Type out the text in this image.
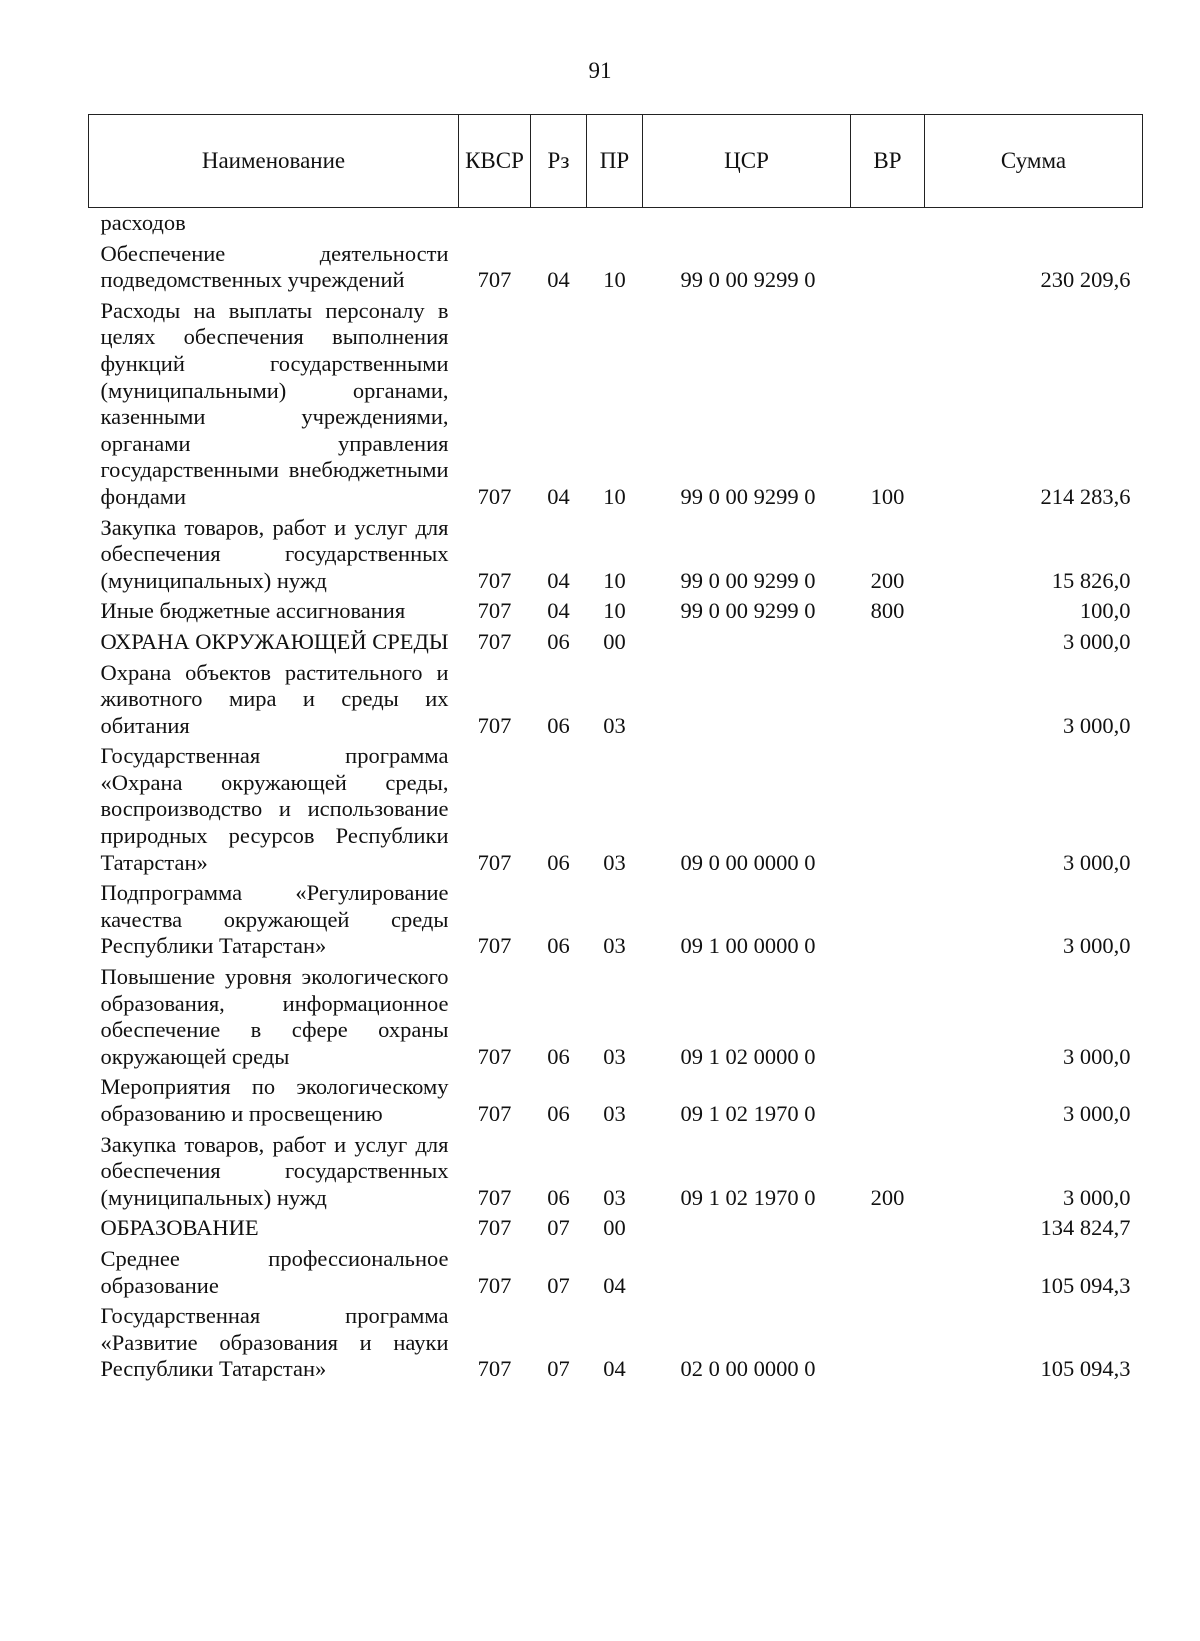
91
Наименование	КВСР	Рз	ПР	ЦСР	ВР	Сумма
расходов						
Обеспечение деятельности подведомственных учреждений	707	04	10	99 0 00 9299 0		230 209,6
Расходы на выплаты персоналу в целях обеспечения выполнения функций государственными (муниципальными) органами, казенными учреждениями, органами управления государственными внебюджетными фондами	707	04	10	99 0 00 9299 0	100	214 283,6
Закупка товаров, работ и услуг для обеспечения государственных (муниципальных) нужд	707	04	10	99 0 00 9299 0	200	15 826,0
Иные бюджетные ассигнования	707	04	10	99 0 00 9299 0	800	100,0
ОХРАНА ОКРУЖАЮЩЕЙ СРЕДЫ	707	06	00			3 000,0
Охрана объектов растительного и животного мира и среды их обитания	707	06	03			3 000,0
Государственная программа «Охрана окружающей среды, воспроизводство и использование природных ресурсов Республики Татарстан»	707	06	03	09 0 00 0000 0		3 000,0
Подпрограмма «Регулирование качества окружающей среды Республики Татарстан»	707	06	03	09 1 00 0000 0		3 000,0
Повышение уровня экологического образования, информационное обеспечение в сфере охраны окружающей среды	707	06	03	09 1 02 0000 0		3 000,0
Мероприятия по экологическому образованию и просвещению	707	06	03	09 1 02 1970 0		3 000,0
Закупка товаров, работ и услуг для обеспечения государственных (муниципальных) нужд	707	06	03	09 1 02 1970 0	200	3 000,0
ОБРАЗОВАНИЕ	707	07	00			134 824,7
Среднее профессиональное образование	707	07	04			105 094,3
Государственная программа «Развитие образования и науки Республики Татарстан»	707	07	04	02 0 00 0000 0		105 094,3
